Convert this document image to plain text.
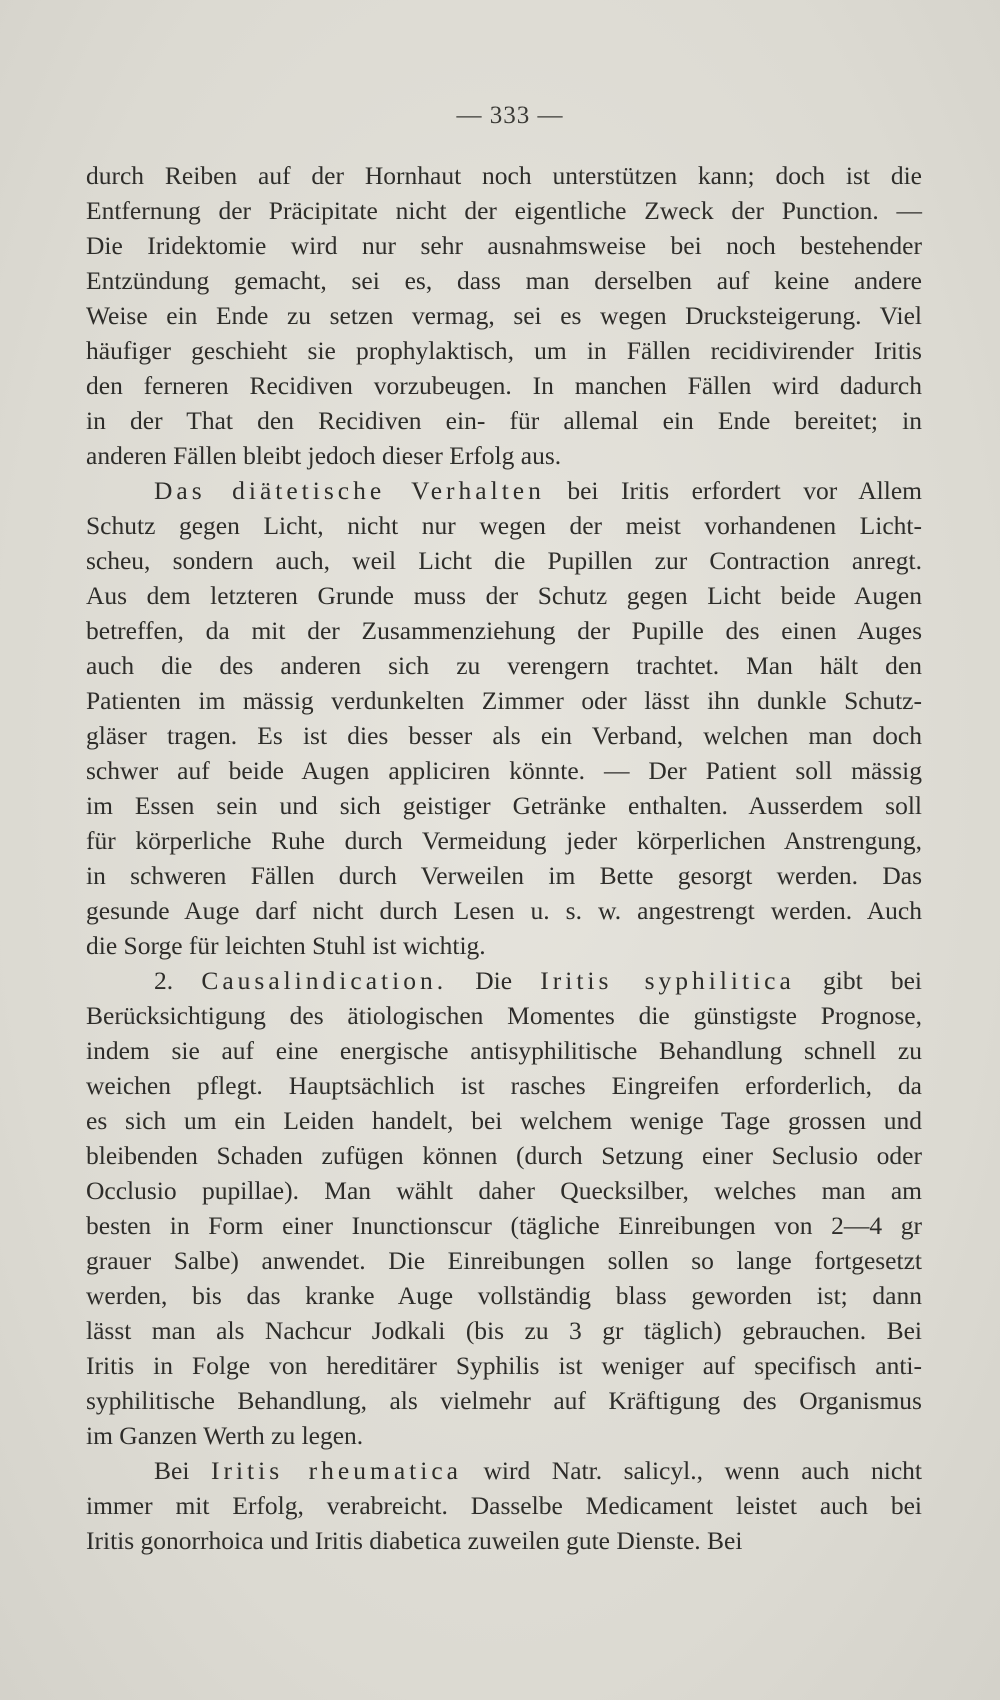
— 333 —
durch Reiben auf der Hornhaut noch unterstützen kann; doch ist die
Entfernung der Präcipitate nicht der eigentliche Zweck der Punction. —
Die Iridektomie wird nur sehr ausnahmsweise bei noch bestehender
Entzündung gemacht, sei es, dass man derselben auf keine andere
Weise ein Ende zu setzen vermag, sei es wegen Drucksteigerung. Viel
häufiger geschieht sie prophylaktisch, um in Fällen recidivirender Iritis
den ferneren Recidiven vorzubeugen. In manchen Fällen wird dadurch
in der That den Recidiven ein- für allemal ein Ende bereitet; in
anderen Fällen bleibt jedoch dieser Erfolg aus.
Das diätetische Verhalten bei Iritis erfordert vor Allem
Schutz gegen Licht, nicht nur wegen der meist vorhandenen Licht-
scheu, sondern auch, weil Licht die Pupillen zur Contraction anregt.
Aus dem letzteren Grunde muss der Schutz gegen Licht beide Augen
betreffen, da mit der Zusammenziehung der Pupille des einen Auges
auch die des anderen sich zu verengern trachtet. Man hält den
Patienten im mässig verdunkelten Zimmer oder lässt ihn dunkle Schutz-
gläser tragen. Es ist dies besser als ein Verband, welchen man doch
schwer auf beide Augen appliciren könnte. — Der Patient soll mässig
im Essen sein und sich geistiger Getränke enthalten. Ausserdem soll
für körperliche Ruhe durch Vermeidung jeder körperlichen Anstrengung,
in schweren Fällen durch Verweilen im Bette gesorgt werden. Das
gesunde Auge darf nicht durch Lesen u. s. w. angestrengt werden. Auch
die Sorge für leichten Stuhl ist wichtig.
2. Causalindication. Die Iritis syphilitica gibt bei
Berücksichtigung des ätiologischen Momentes die günstigste Prognose,
indem sie auf eine energische antisyphilitische Behandlung schnell zu
weichen pflegt. Hauptsächlich ist rasches Eingreifen erforderlich, da
es sich um ein Leiden handelt, bei welchem wenige Tage grossen und
bleibenden Schaden zufügen können (durch Setzung einer Seclusio oder
Occlusio pupillae). Man wählt daher Quecksilber, welches man am
besten in Form einer Inunctionscur (tägliche Einreibungen von 2—4 gr
grauer Salbe) anwendet. Die Einreibungen sollen so lange fortgesetzt
werden, bis das kranke Auge vollständig blass geworden ist; dann
lässt man als Nachcur Jodkali (bis zu 3 gr täglich) gebrauchen. Bei
Iritis in Folge von hereditärer Syphilis ist weniger auf specifisch anti-
syphilitische Behandlung, als vielmehr auf Kräftigung des Organismus
im Ganzen Werth zu legen.
Bei Iritis rheumatica wird Natr. salicyl., wenn auch nicht
immer mit Erfolg, verabreicht. Dasselbe Medicament leistet auch bei
Iritis gonorrhoica und Iritis diabetica zuweilen gute Dienste. Bei
